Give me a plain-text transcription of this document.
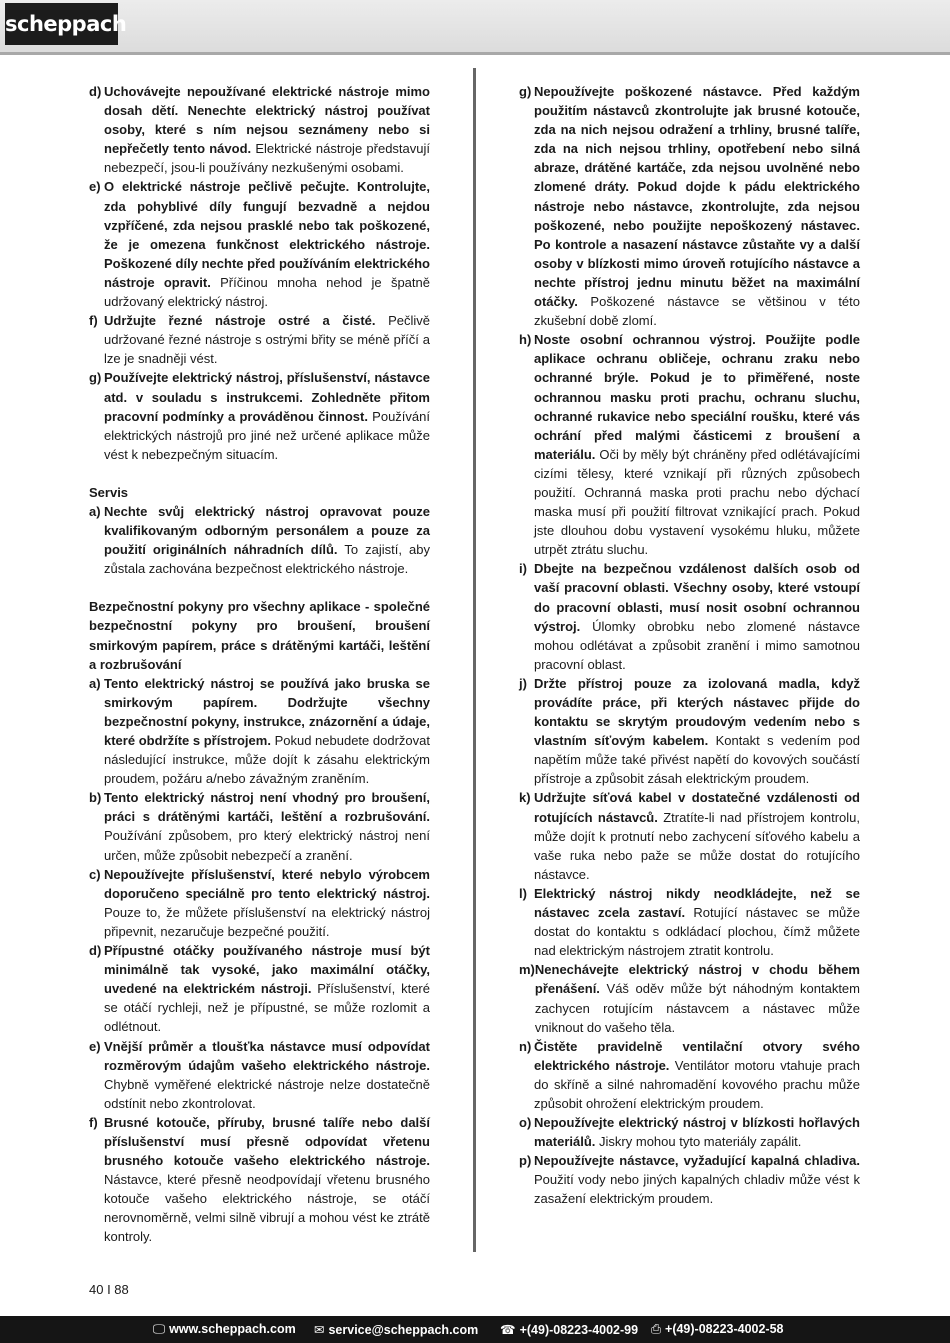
scheppach
d) Uchovávejte nepoužívané elektrické nástroje mimo dosah dětí. Nenechte elektrický nástroj používat osoby, které s ním nejsou seznámeny nebo si nepřečetly tento návod. Elektrické nástroje představují nebezpečí, jsou-li používány nezkušenými osobami.
e) O elektrické nástroje pečlivě pečujte. Kontrolujte, zda pohyblivé díly fungují bezvadně a nejdou vzpříčené, zda nejsou prasklé nebo tak poškozené, že je omezena funkčnost elektrického nástroje. Poškozené díly nechte před používáním elektrického nástroje opravit. Příčinou mnoha nehod je špatně udržovaný elektrický nástroj.
f) Udržujte řezné nástroje ostré a čisté. Pečlivě udržované řezné nástroje s ostrými břity se méně příčí a lze je snadněji vést.
g) Používejte elektrický nástroj, příslušenství, nástavce atd. v souladu s instrukcemi. Zohledněte přitom pracovní podmínky a prováděnou činnost. Používání elektrických nástrojů pro jiné než určené aplikace může vést k nebezpečným situacím.
Servis
a) Nechte svůj elektrický nástroj opravovat pouze kvalifikovaným odborným personálem a pouze za použití originálních náhradních dílů. To zajistí, aby zůstala zachována bezpečnost elektrického nástroje.
Bezpečnostní pokyny pro všechny aplikace - společné bezpečnostní pokyny pro broušení, broušení smirkovým papírem, práce s drátěnými kartáči, leštění a rozbrušování
a) Tento elektrický nástroj se používá jako bruska se smirkovým papírem. Dodržujte všechny bezpečnostní pokyny, instrukce, znázornění a údaje, které obdržíte s přístrojem. Pokud nebudete dodržovat následující instrukce, může dojít k zásahu elektrickým proudem, požáru a/nebo závažným zraněním.
b) Tento elektrický nástroj není vhodný pro broušení, práci s drátěnými kartáči, leštění a rozbrušování. Používání způsobem, pro který elektrický nástroj není určen, může způsobit nebezpečí a zranění.
c) Nepoužívejte příslušenství, které nebylo výrobcem doporučeno speciálně pro tento elektrický nástroj. Pouze to, že můžete příslušenství na elektrický nástroj připevnit, nezaručuje bezpečné použití.
d) Přípustné otáčky používaného nástroje musí být minimálně tak vysoké, jako maximální otáčky, uvedené na elektrickém nástroji. Příslušenství, které se otáčí rychleji, než je přípustné, se může rozlomit a odlétnout.
e) Vnější průměr a tloušťka nástavce musí odpovídat rozměrovým údajům vašeho elektrického nástroje. Chybně vyměřené elektrické nástroje nelze dostatečně odstínit nebo zkontrolovat.
f) Brusné kotouče, příruby, brusné talíře nebo další příslušenství musí přesně odpovídat vřetenu brusného kotouče vašeho elektrického nástroje. Nástavce, které přesně neodpovídají vřetenu brusného kotouče vašeho elektrického nástroje, se otáčí nerovnoměrně, velmi silně vibrují a mohou vést ke ztrátě kontroly.
g) Nepoužívejte poškozené nástavce. Před každým použitím nástavců zkontrolujte jak brusné kotouče, zda na nich nejsou odražení a trhliny, brusné talíře, zda na nich nejsou trhliny, opotřebení nebo silná abraze, drátěné kartáče, zda nejsou uvolněné nebo zlomené dráty. Pokud dojde k pádu elektrického nástroje nebo nástavce, zkontrolujte, zda nejsou poškozené, nebo použijte nepoškozený nástavec. Po kontrole a nasazení nástavce zůstaňte vy a další osoby v blízkosti mimo úroveň rotujícího nástavce a nechte přístroj jednu minutu běžet na maximální otáčky. Poškozené nástavce se většinou v této zkušební době zlomí.
h) Noste osobní ochrannou výstroj. Použijte podle aplikace ochranu obličeje, ochranu zraku nebo ochranné brýle. Pokud je to přiměřené, noste ochrannou masku proti prachu, ochranu sluchu, ochranné rukavice nebo speciální roušku, které vás ochrání před malými částicemi z broušení a materiálu. Oči by měly být chráněny před odlétávajícími cizími tělesy, které vznikají při různých způsobech použití. Ochranná maska proti prachu nebo dýchací maska musí při použití filtrovat vznikající prach. Pokud jste dlouhou dobu vystavení vysokému hluku, můžete utrpět ztrátu sluchu.
i) Dbejte na bezpečnou vzdálenost dalších osob od vaší pracovní oblasti. Všechny osoby, které vstoupí do pracovní oblasti, musí nosit osobní ochrannou výstroj. Úlomky obrobku nebo zlomené nástavce mohou odlétávat a způsobit zranění i mimo samotnou pracovní oblast.
j) Držte přístroj pouze za izolovaná madla, když provádíte práce, při kterých nástavec přijde do kontaktu se skrytým proudovým vedením nebo s vlastním síťovým kabelem. Kontakt s vedením pod napětím může také přivést napětí do kovových součástí přístroje a způsobit zásah elektrickým proudem.
k) Udržujte síťová kabel v dostatečné vzdálenosti od rotujících nástavců. Ztratíte-li nad přístrojem kontrolu, může dojít k protnutí nebo zachycení síťového kabelu a vaše ruka nebo paže se může dostat do rotujícího nástavce.
l) Elektrický nástroj nikdy neodkládejte, než se nástavec zcela zastaví. Rotující nástavec se může dostat do kontaktu s odkládací plochou, čímž můžete nad elektrickým nástrojem ztratit kontrolu.
m) Nenechávejte elektrický nástroj v chodu během přenášení. Váš oděv může být náhodným kontaktem zachycen rotujícím nástavcem a nástavec může vniknout do vašeho těla.
n) Čistěte pravidelně ventilační otvory svého elektrického nástroje. Ventilátor motoru vtahuje prach do skříně a silné nahromadění kovového prachu může způsobit ohrožení elektrickým proudem.
o) Nepoužívejte elektrický nástroj v blízkosti hořlavých materiálů. Jiskry mohou tyto materiály zapálit.
p) Nepoužívejte nástavce, vyžadující kapalná chladiva. Použití vody nebo jiných kapalných chladiv může vést k zasažení elektrickým proudem.
40 I 88
🖵 www.scheppach.com ✉ service@scheppach.com ☎ +(49)-08223-4002-99 ⎙ +(49)-08223-4002-58
